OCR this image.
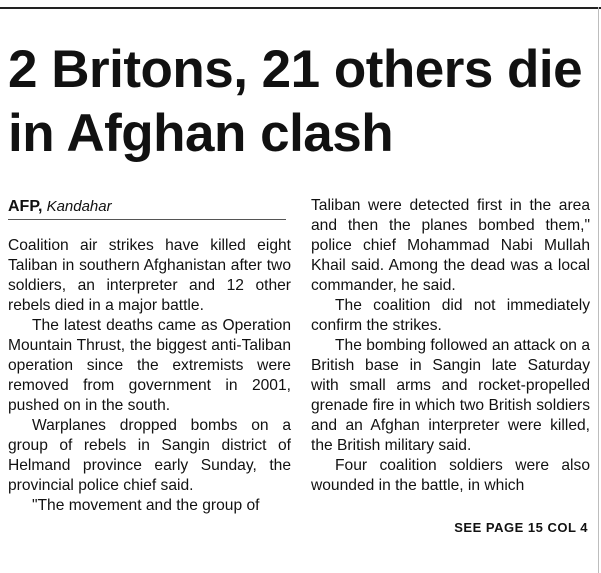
2 Britons, 21 others die in Afghan clash
AFP, Kandahar

Coalition air strikes have killed eight Taliban in southern Afghanistan after two soldiers, an interpreter and 12 other rebels died in a major battle.

The latest deaths came as Operation Mountain Thrust, the biggest anti-Taliban operation since the extremists were removed from government in 2001, pushed on in the south.

Warplanes dropped bombs on a group of rebels in Sangin district of Helmand province early Sunday, the provincial police chief said.

"The movement and the group of

Taliban were detected first in the area and then the planes bombed them," police chief Mohammad Nabi Mullah Khail said. Among the dead was a local commander, he said.

The coalition did not immediately confirm the strikes.

The bombing followed an attack on a British base in Sangin late Saturday with small arms and rocket-propelled grenade fire in which two British soldiers and an Afghan interpreter were killed, the British military said.

Four coalition soldiers were also wounded in the battle, in which

SEE PAGE 15 COL 4
